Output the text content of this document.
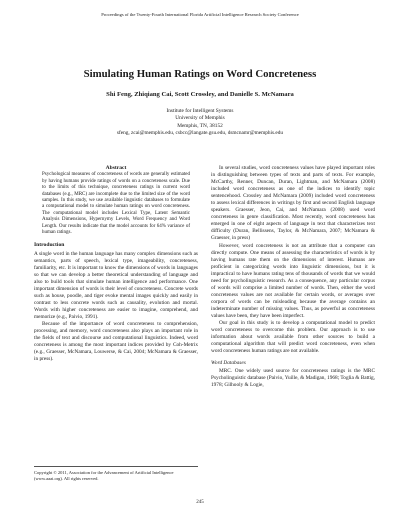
Proceedings of the Twenty-Fourth International Florida Artificial Intelligence Research Society Conference
Simulating Human Ratings on Word Concreteness
Shi Feng, Zhiqiang Cai, Scott Crossley, and Danielle S. McNamara
Institute for Intelligent Systems
University of Memphis
Memphis, TN, 38152
sfeng, zcai@memphis.edu, csbcc@langate.gsu.edu, dsmcnamr@memphis.edu
Abstract

Psychological measures of concreteness of words are generally estimated by having humans provide ratings of words on a concreteness scale. Due to the limits of this technique, concreteness ratings in current word databases (e.g., MRC) are incomplete due to the limited size of the word samples. In this study, we use available linguistic databases to formulate a computational model to simulate human ratings on word concreteness. The computational model includes Lexical Type, Latent Semantic Analysis Dimensions, Hypernymy Levels, Word Frequency and Word Length. Our results indicate that the model accounts for 64% variance of human ratings.

Introduction

A single word in the human language has many complex dimensions such as semantics, parts of speech, lexical type, imageability, concreteness, familiarity, etc. It is important to know the dimensions of words in languages so that we can develop a better theoretical understanding of language and also to build tools that simulate human intelligence and performance. One important dimension of words is their level of concreteness. Concrete words such as house, poodle, and tiger evoke mental images quickly and easily in contrast to less concrete words such as causality, evolution and mortal. Words with higher concreteness are easier to imagine, comprehend, and memorize (e.g., Paivio, 1991).

Because of the importance of word concreteness to comprehension, processing, and memory, word concreteness also plays an important role in the fields of text and discourse and computational linguistics. Indeed, word concreteness is among the most important indices provided by Coh-Metrix (e.g., Graesser, McNamara, Louwerse, & Cai, 2004; McNamara & Graesser, in press).

In several studies, word concreteness values have played important roles in distinguishing between types of texts and parts of texts. For example, McCarthy, Renner, Duncan, Duran, Lightman, and McNamara (2008) included word concreteness as one of the indices to identify topic sentencehood. Crossley and McNamara (2009) included word concreteness to assess lexical differences in writings by first and second English language speakers. Graesser, Jeon, Cai, and McNamara (2008) used word concreteness in genre classification. Most recently, word concreteness has emerged in one of eight aspects of language in text that characterizes text difficulty (Duran, Bellissens, Taylor, & McNamara, 2007; McNamara & Graesser, in press)

However, word concreteness is not an attribute that a computer can directly compute. One means of assessing the characteristics of words is by having humans rate them on the dimensions of interest. Humans are proficient in categorizing words into linguistic dimensions, but it is impractical to have humans rating tens of thousands of words that we would need for psycholinguistic research. As a consequence, any particular corpus of words will comprise a limited number of words. Then, either the word concreteness values are not available for certain words, or averages over corpora of words can be misleading because the average contains an indeterminate number of missing values. Thus, as powerful as concreteness values have been, they have been imperfect.

Our goal in this study is to develop a computational model to predict word concreteness to overcome this problem. Our approach is to use information about words available from other sources to build a computational algorithm that will predict word concreteness, even when word concreteness human ratings are not available.

Word Databases

MRC. One widely used source for concreteness ratings is the MRC Psycholinguistic database (Paivio, Yuille, & Madigan, 1968; Toglia & Battig, 1978; Gilhooly & Logie,

Copyright © 2011, Association for the Advancement of Artificial Intelligence (www.aaai.org). All rights reserved.
245
